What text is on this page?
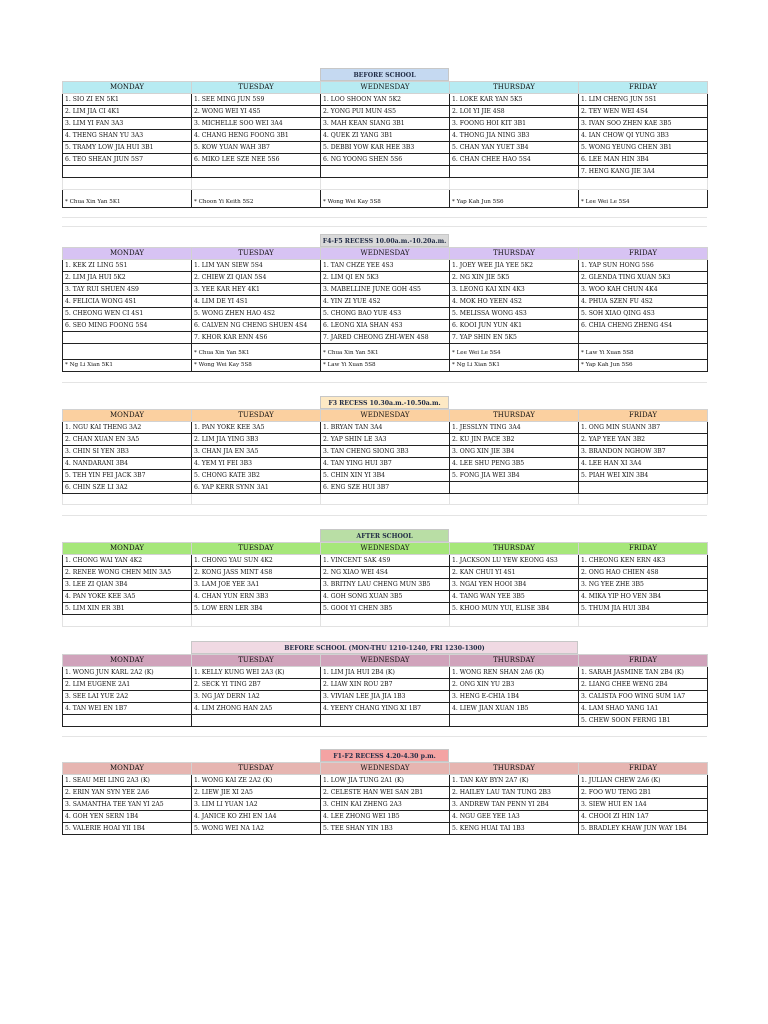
BEFORE SCHOOL
MONDAY	TUESDAY	WEDNESDAY	THURSDAY	FRIDAY
1. SIO ZI EN 5K1	1. SEE MING JUN 5S9	1. LOO SHOON YAN 5K2	1. LOKE KAR YAN 5K5	1. LIM CHENG JUN 5S1
2. LIM JIA CI 4K1	2. WONG WEI YI 4S5	2. YONG PUI MUN 4S5	2. LOI YI JIE 4S8	2. TEY WEN WEI 4S4
3. LIM YI FAN 3A3	3. MICHELLE SOO WEI 3A4	3. MAH KEAN SIANG 3B1	3. FOONG HOI KIT 3B1	3. IVAN SOO ZHEN KAE 3B5
4. THENG SHAN YU 3A3	4. CHANG HENG FOONG 3B1	4. QUEK ZI YANG 3B1	4. THONG JIA NING 3B3	4. IAN CHOW QI YUNG 3B3
5. TRAMY LOW JIA HUI 3B1	5. KOW YUAN WAH 3B7	5. DEBBI YOW KAR HEE 3B3	5. CHAN YAN YUET 3B4	5. WONG YEUNG CHEN 3B1
6. TEO SHEAN JIUN 5S7	6. MIKO LEE SZE NEE 5S6	6. NG YOONG SHEN 5S6	6. CHAN CHEE HAO 5S4	6. LEE MAN HIN 3B4
				7. HENG KANG JIE 3A4

* Chua Xin Yan 5K1	* Choon Yi Keith 5S2	* Wong Wei Kay 5S8	* Yap Kah Jun 5S6	* Lee Wei Le 5S4
F4-F5 RECESS 10.00a.m.-10.20a.m.
MONDAY	TUESDAY	WEDNESDAY	THURSDAY	FRIDAY
1. KEK ZI LING 5S1	1. LIM YAN SIEW 5S4	1. TAN CHZE YEE 4S3	1. JOEY WEE JIA YEE 5K2	1. YAP SUN HONG 5S6
2. LIM JIA HUI 5K2	2. CHIEW ZI QIAN 5S4	2. LIM QI EN 5K3	2. NG XIN JIE 5K5	2. GLENDA TING XUAN 5K3
3. TAY RUI SHUEN 4S9	3. YEE KAR HEY 4K1	3. MABELLINE JUNE GOH 4S5	3. LEONG KAI XIN 4K3	3. WOO KAH CHUN 4K4
4. FELICIA WONG 4S1	4. LIM DE YI 4S1	4. YIN ZI YUE 4S2	4. MOK HO YEEN 4S2	4. PHUA SZEN FU 4S2
5. CHEONG WEN CI 4S1	5. WONG ZHEN HAO 4S2	5. CHONG BAO YUE 4S3	5. MELISSA WONG 4S3	5. SOH XIAO QING 4S3
6. SEO MING FOONG 5S4	6. CALVEN NG CHENG SHUEN 4S4	6. LEONG XIA SHAN 4S3	6. KOOI JUN YUN 4K1	6. CHIA CHENG ZHENG 4S4
	7. KHOR KAR ENN 4S6	7. JARED CHEONG ZHI-WEN 4S8	7. YAP SHIN EN 5K5	
	* Chua Xin Yan 5K1	* Chua Xin Yan 5K1	* Lee Wei Le 5S4	* Law Yi Xuan 5S8
* Ng Li Xian 5K1	* Wong Wei Kay 5S8	* Law Yi Xuan 5S8	* Ng Li Xian 5K1	* Yap Kah Jun 5S6
F3 RECESS 10.30a.m.-10.50a.m.
MONDAY	TUESDAY	WEDNESDAY	THURSDAY	FRIDAY
1. NGU KAI THENG 3A2	1. PAN YOKE KEE 3A5	1. BRYAN TAN 3A4	1. JESSLYN TING 3A4	1. ONG MIN SUANN 3B7
2. CHAN XUAN EN 3A5	2. LIM JIA YING 3B3	2. YAP SHIN LE 3A3	2. KU JIN PACE 3B2	2. YAP YEE YAN 3B2
3. CHIN SI YEN 3B3	3. CHAN JIA EN 3A5	3. TAN CHENG SIONG 3B3	3. ONG XIN JIE 3B4	3. BRANDON NGHOW 3B7
4. NANDARANI 3B4	4. YEM YI FEI 3B3	4. TAN YING HUI 3B7	4. LEE SHU PENG 3B5	4. LEE HAN XI 3A4
5. TEH YIN FEI JACK 3B7	5. CHONG KATE 3B2	5. CHIN XIN YI 3B4	5. FONG JIA WEI 3B4	5. PIAH WEI XIN 3B4
6. CHIN SZE LI 3A2	6. YAP KERR SYNN 3A1	6. ENG SZE HUI 3B7		

AFTER SCHOOL
MONDAY	TUESDAY	WEDNESDAY	THURSDAY	FRIDAY
1. CHONG WAI YAN 4K2	1. CHONG YAU SUN 4K2	1. VINCENT SAK 4S9	1. JACKSON LU YEW KEONG 4S3	1. CHEONG KEN ERN 4K3
2. RENEE WONG CHEN MIN 3A5	2. KONG JASS MINT 4S8	2. NG XIAO WEI 4S4	2. KAN CHUI YI 4S1	2. ONG HAO CHIEN 4S8
3. LEE ZI QIAN 3B4	3. LAM JOE YEE 3A1	3. BRITNY LAU CHENG MUN 3B5	3. NGAI YEN HOOI 3B4	3. NG YEE ZHE 3B5
4. PAN YOKE KEE 3A5	4. CHAN YUN ERN 3B3	4. GOH SONG XUAN 3B5	4. TANG WAN YEE 3B5	4. MIKA YIP HO VEN 3B4
5. LIM XIN ER 3B1	5. LOW ERN LER 3B4	5. GOOI YI CHEN 3B5	5. KHOO MUN YUI, ELISE 3B4	5. THUM JIA HUI 3B4

BEFORE SCHOOL (MON-THU 1210-1240, FRI 1230-1300)
MONDAY	TUESDAY	WEDNESDAY	THURSDAY	FRIDAY
1. WONG JUN KARL 2A2 (K)	1. KELLY KUNG WEI 2A3 (K)	1. LIM JIA HUI 2B4 (K)	1. WONG REN SHAN 2A6 (K)	1. SARAH JASMINE TAN 2B4 (K)
2. LIM EUGENE 2A1	2. SECK YI TING 2B7	2. LIAW XIN ROU 2B7	2. ONG XIN YU 2B3	2. LIANG CHEE WENG 2B4
3. SEE LAI YUE 2A2	3. NG JAY DERN 1A2	3. VIVIAN LEE JIA JIA 1B3	3. HENG E-CHIA 1B4	3. CALISTA FOO WING SUM 1A7
4. TAN WEI EN 1B7	4. LIM ZHONG HAN 2A5	4. YEENY CHANG YING XI 1B7	4. LIEW JIAN XUAN 1B5	4. LAM SHAO YANG 1A1
				5. CHEW SOON FERNG 1B1
F1-F2 RECESS 4.20-4.30 p.m.
MONDAY	TUESDAY	WEDNESDAY	THURSDAY	FRIDAY
1. SEAU MEI LING 2A3 (K)	1. WONG KAI ZE 2A2 (K)	1. LOW JIA TUNG 2A1 (K)	1. TAN KAY BYN 2A7 (K)	1. JULIAN CHEW 2A6 (K)
2. ERIN YAN SYN YEE 2A6	2. LIEW JIE XI 2A5	2. CELESTE HAN WEI SAN 2B1	2. HAILEY LAU TAN TUNG 2B3	2. FOO WU TENG 2B1
3. SAMANTHA TEE YAN YI 2A5	3. LIM LI YUAN 1A2	3. CHIN KAI ZHENG 2A3	3. ANDREW TAN PENN YI 2B4	3. SIEW HUI EN 1A4
4. GOH YEN SERN 1B4	4. JANICE KO ZHI EN 1A4	4. LEE ZHONG WEI 1B5	4. NGU GEE YEE 1A3	4. CHOOI ZI HIN 1A7
5. VALERIE HOAI YII 1B4	5. WONG WEI NA 1A2	5. TEE SHAN YIN 1B3	5. KENG HUAI TAI 1B3	5. BRADLEY KHAW JUN WAY 1B4
